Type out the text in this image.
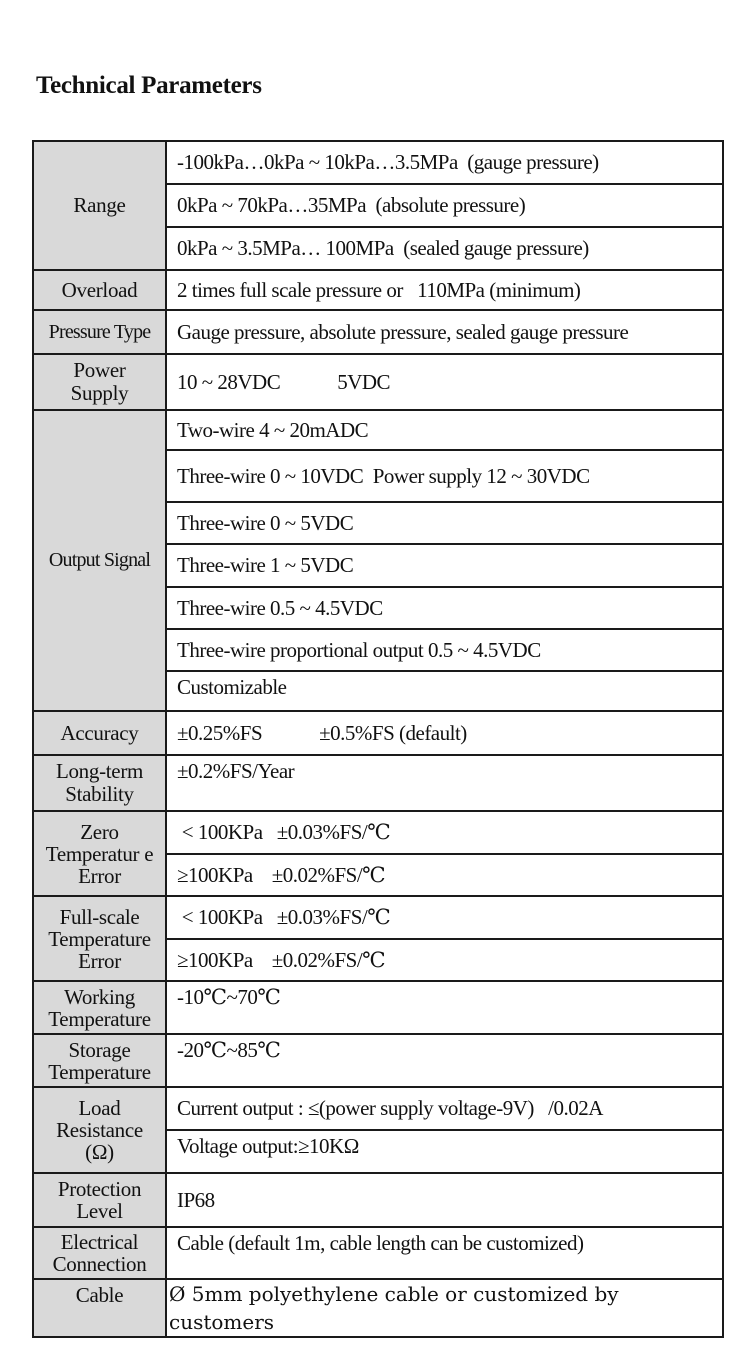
Technical Parameters
Range	-100kPa…0kPa ~ 10kPa…3.5MPa  (gauge pressure)
	0kPa ~ 70kPa…35MPa  (absolute pressure)
	0kPa ~ 3.5MPa… 100MPa  (sealed gauge pressure)
Overload	2 times full scale pressure or   110MPa (minimum)
Pressure Type	Gauge pressure, absolute pressure, sealed gauge pressure
Power Supply	10 ~ 28VDC            5VDC
Output Signal	Two-wire 4 ~ 20mADC
	Three-wire 0 ~ 10VDC  Power supply 12 ~ 30VDC
	Three-wire 0 ~ 5VDC
	Three-wire 1 ~ 5VDC
	Three-wire 0.5 ~ 4.5VDC
	Three-wire proportional output 0.5 ~ 4.5VDC
	Customizable
Accuracy	±0.25%FS            ±0.5%FS (default)
Long-term Stability	±0.2%FS/Year
Zero Temperatur e Error	< 100KPa   ±0.03%FS/℃
	≥100KPa    ±0.02%FS/℃
Full-scale Temperature Error	< 100KPa   ±0.03%FS/℃
	≥100KPa    ±0.02%FS/℃
Working Temperature	-10℃~70℃
Storage Temperature	-20℃~85℃
Load Resistance (Ω)	Current output : ≤(power supply voltage-9V)   /0.02A
	Voltage output:≥10KΩ
Protection Level	IP68
Electrical Connection	Cable (default 1m, cable length can be customized)
Cable	Ø 5mm polyethylene cable or customized by customers
